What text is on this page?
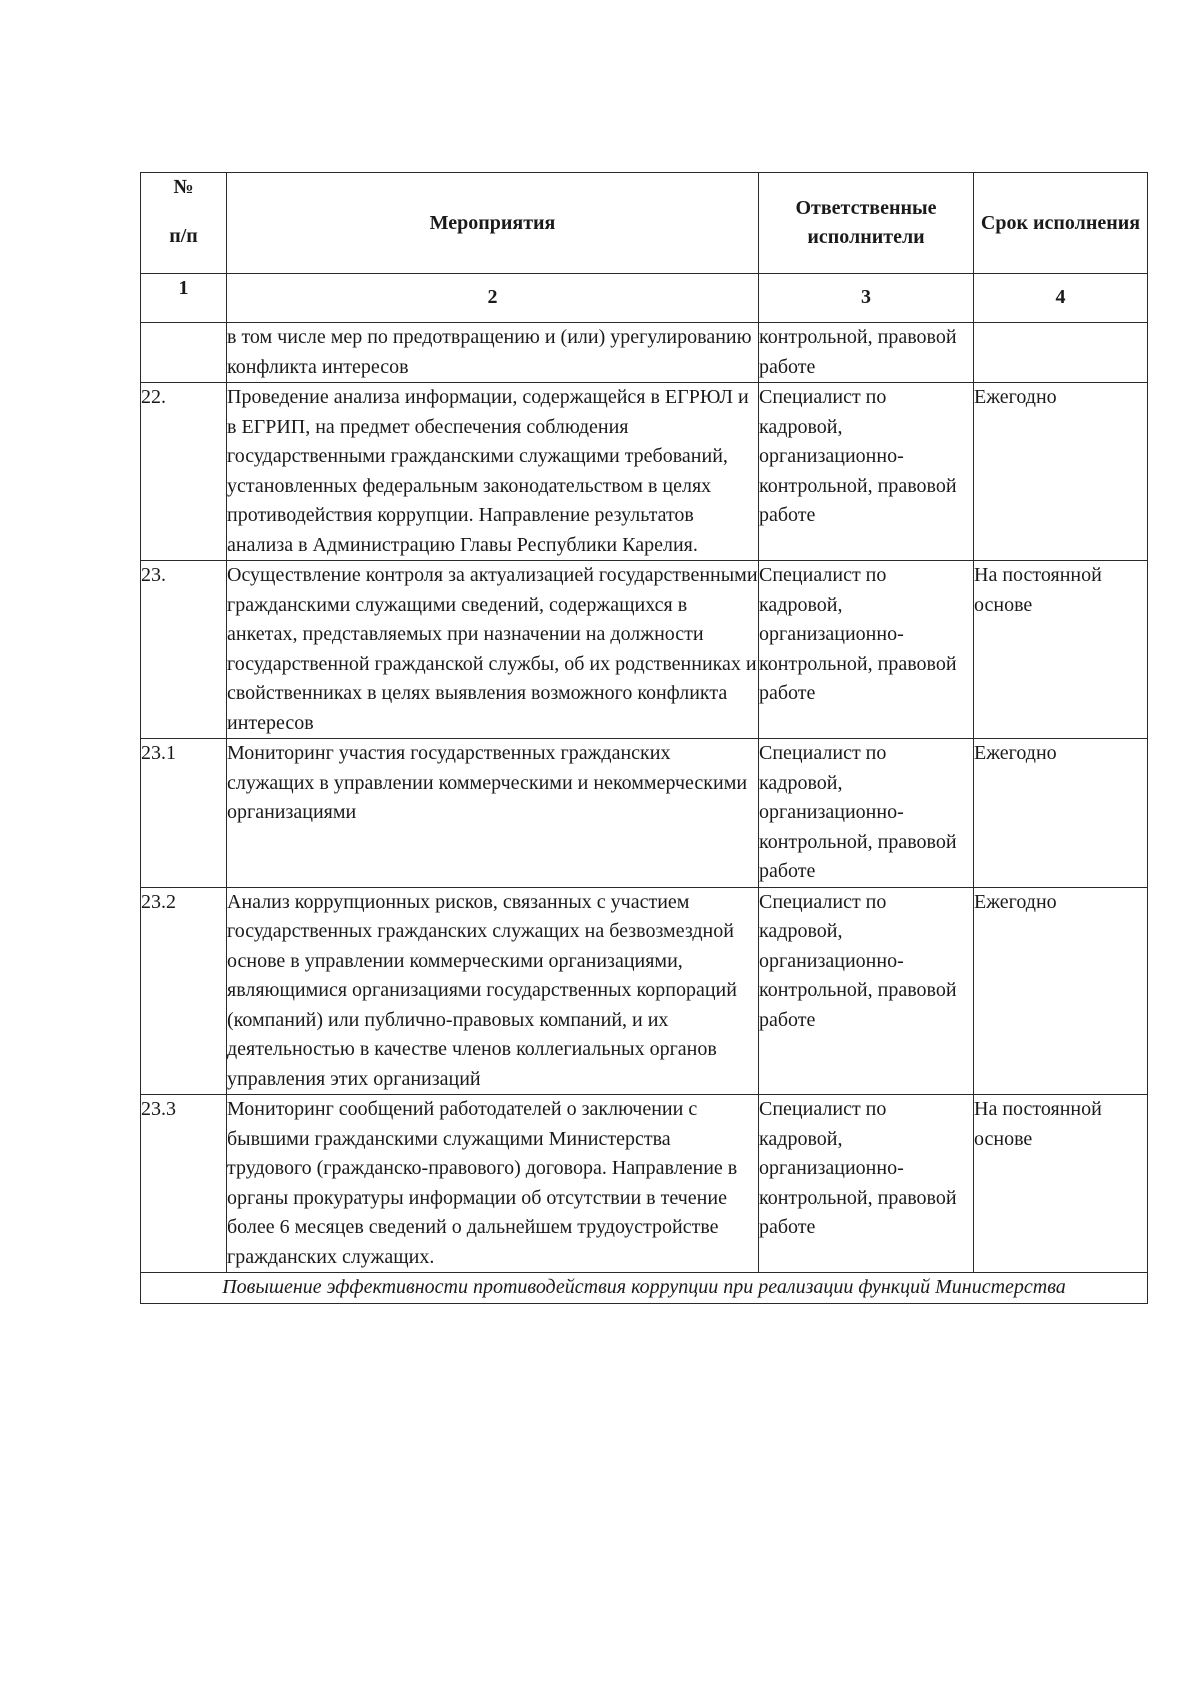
№
п/п	Мероприятия	Ответственные исполнители	Срок исполнения
1	2	3	4
	в том числе мер по предотвращению и (или) урегулированию конфликта интересов	контрольной, правовой работе	
22.	Проведение анализа информации, содержащейся в ЕГРЮЛ и в ЕГРИП, на предмет обеспечения соблюдения государственными гражданскими служащими требований, установленных федеральным законодательством в целях противодействия коррупции. Направление результатов анализа в Администрацию Главы Республики Карелия.	Специалист по кадровой, организационно-контрольной, правовой работе	Ежегодно
23.	Осуществление контроля за актуализацией государственными гражданскими служащими сведений, содержащихся в анкетах, представляемых при назначении на должности государственной гражданской службы, об их родственниках и свойственниках в целях выявления возможного конфликта интересов	Специалист по кадровой, организационно-контрольной, правовой работе	На постоянной основе
23.1	Мониторинг участия государственных гражданских служащих в управлении коммерческими и некоммерческими организациями	Специалист по кадровой, организационно-контрольной, правовой работе	Ежегодно
23.2	Анализ коррупционных рисков, связанных с участием государственных гражданских служащих на безвозмездной основе в управлении коммерческими организациями, являющимися организациями государственных корпораций (компаний) или публично-правовых компаний, и их деятельностью в качестве членов коллегиальных органов управления этих организаций	Специалист по кадровой, организационно-контрольной, правовой работе	Ежегодно
23.3	Мониторинг сообщений работодателей о заключении с бывшими гражданскими служащими Министерства трудового (гражданско-правового) договора. Направление в органы прокуратуры информации об отсутствии в течение более 6 месяцев сведений о дальнейшем трудоустройстве гражданских служащих.	Специалист по кадровой, организационно-контрольной, правовой работе	На постоянной основе
Повышение эффективности противодействия коррупции при реализации функций Министерства			
